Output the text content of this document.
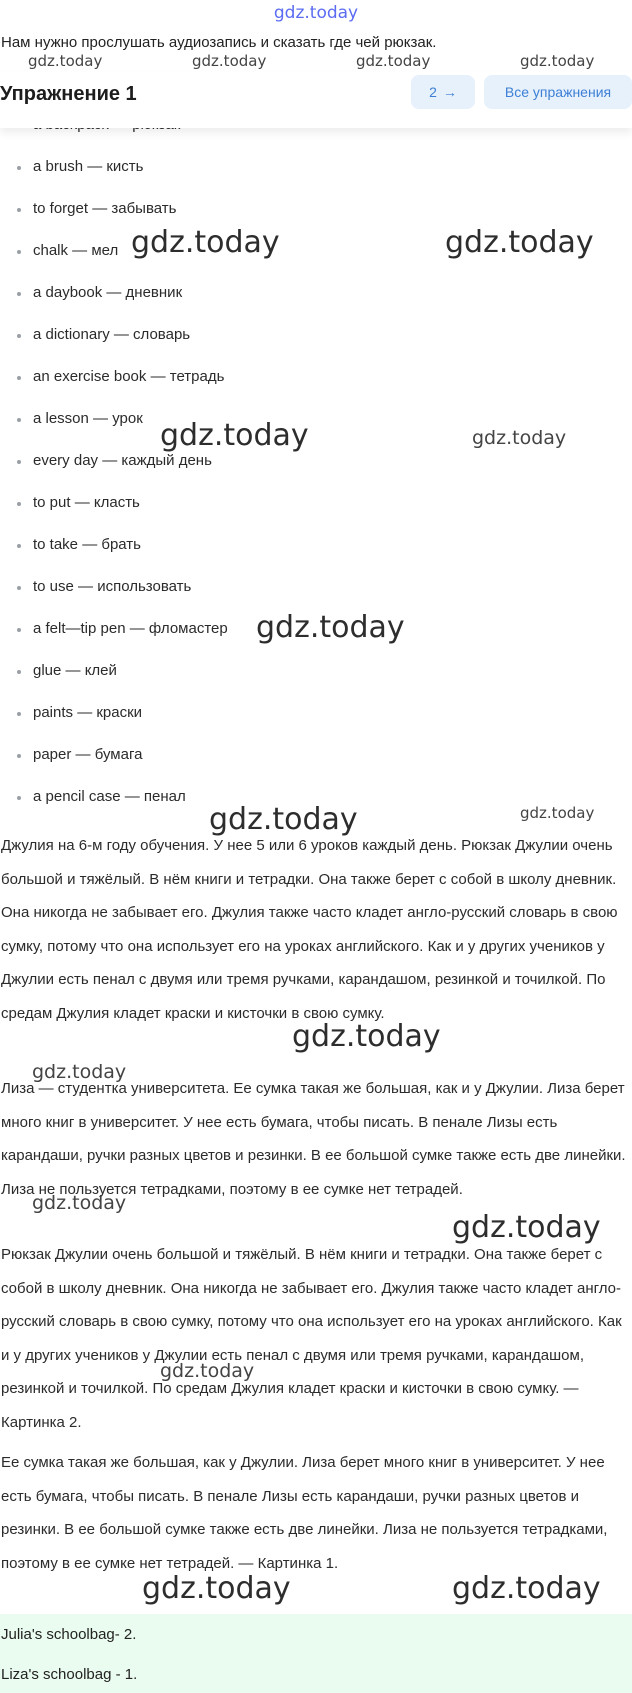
gdz.today
Нам нужно прослушать аудиозапись и сказать где чей рюкзак.
gdz.today	gdz.today	gdz.today	gdz.today
Упражнение 1	2 →	Все упражнения
a brush — кисть
to forget — забывать
chalk — мел
a daybook — дневник
a dictionary — словарь
an exercise book — тетрадь
a lesson — урок
every day — каждый день
to put — класть
to take — брать
to use — использовать
a felt—tip pen — фломастер
glue — клей
paints — краски
paper — бумага
a pencil case — пенал

Джулия на 6-м году обучения. У нее 5 или 6 уроков каждый день. Рюкзак Джулии очень большой и тяжёлый. В нём книги и тетрадки. Она также берет с собой в школу дневник. Она никогда не забывает его. Джулия также часто кладет англо-русский словарь в свою сумку, потому что она использует его на уроках английского. Как и у других учеников у Джулии есть пенал с двумя или тремя ручками, карандашом, резинкой и точилкой. По средам Джулия кладет краски и кисточки в свою сумку.

Лиза — студентка университета. Ее сумка такая же большая, как и у Джулии. Лиза берет много книг в университет. У нее есть бумага, чтобы писать. В пенале Лизы есть карандаши, ручки разных цветов и резинки. В ее большой сумке также есть две линейки. Лиза не пользуется тетрадками, поэтому в ее сумке нет тетрадей.

Рюкзак Джулии очень большой и тяжёлый. В нём книги и тетрадки. Она также берет с собой в школу дневник. Она никогда не забывает его. Джулия также часто кладет англо-русский словарь в свою сумку, потому что она использует его на уроках английского. Как и у других учеников у Джулии есть пенал с двумя или тремя ручками, карандашом, резинкой и точилкой. По средам Джулия кладет краски и кисточки в свою сумку. — Картинка 2.

Ее сумка такая же большая, как у Джулии. Лиза берет много книг в университет. У нее есть бумага, чтобы писать. В пенале Лизы есть карандаши, ручки разных цветов и резинки. В ее большой сумке также есть две линейки. Лиза не пользуется тетрадками, поэтому в ее сумке нет тетрадей. — Картинка 1.

Julia's schoolbag- 2.
Liza's schoolbag - 1.
gdz.today	gdz.today
gdz.today	gdz.today
gdz.today
gdz.today	gdz.today
gdz.today
gdz.today
gdz.today
gdz.today
gdz.today
gdz.today	gdz.today
